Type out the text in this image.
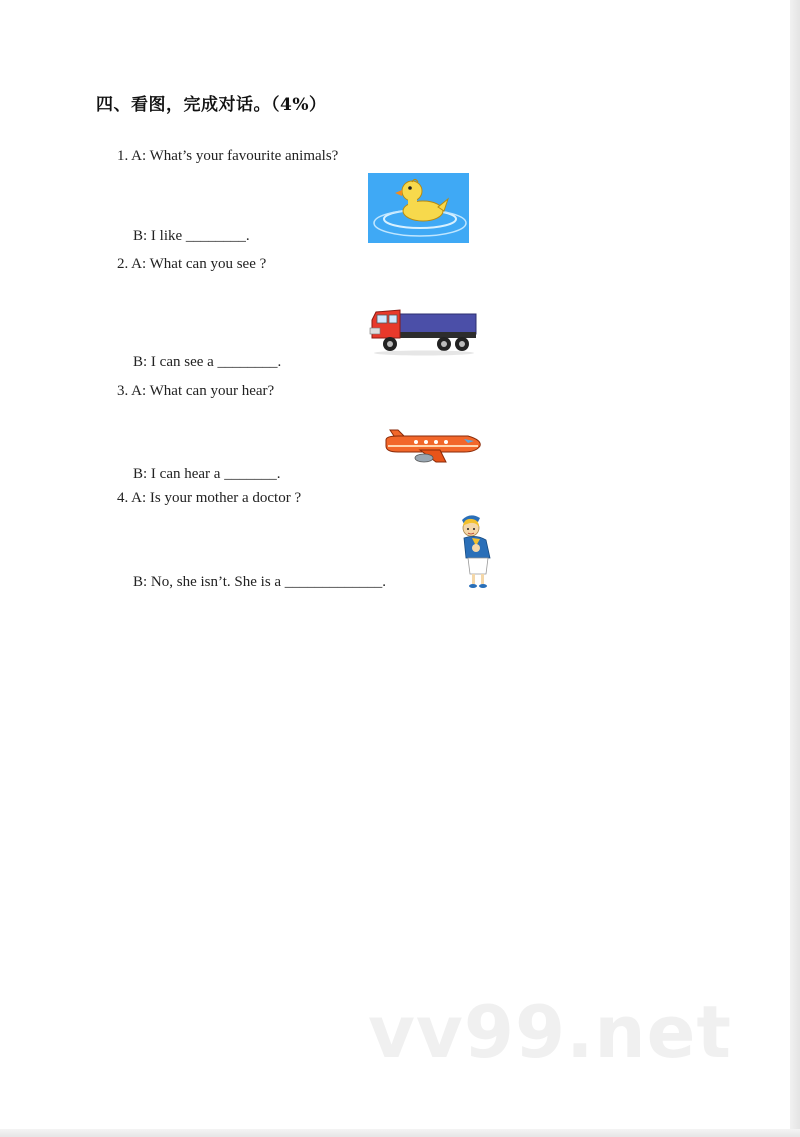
四、看图，完成对话。（4%）
1. A: What’s your favourite animals?
B: I like ________.
2. A: What can you see ?
B: I can see a ________.
3. A: What can your hear?
B: I can hear a _______.
4. A: Is your mother a doctor ?
B: No, she isn’t. She is a _____________.
vv99.net
